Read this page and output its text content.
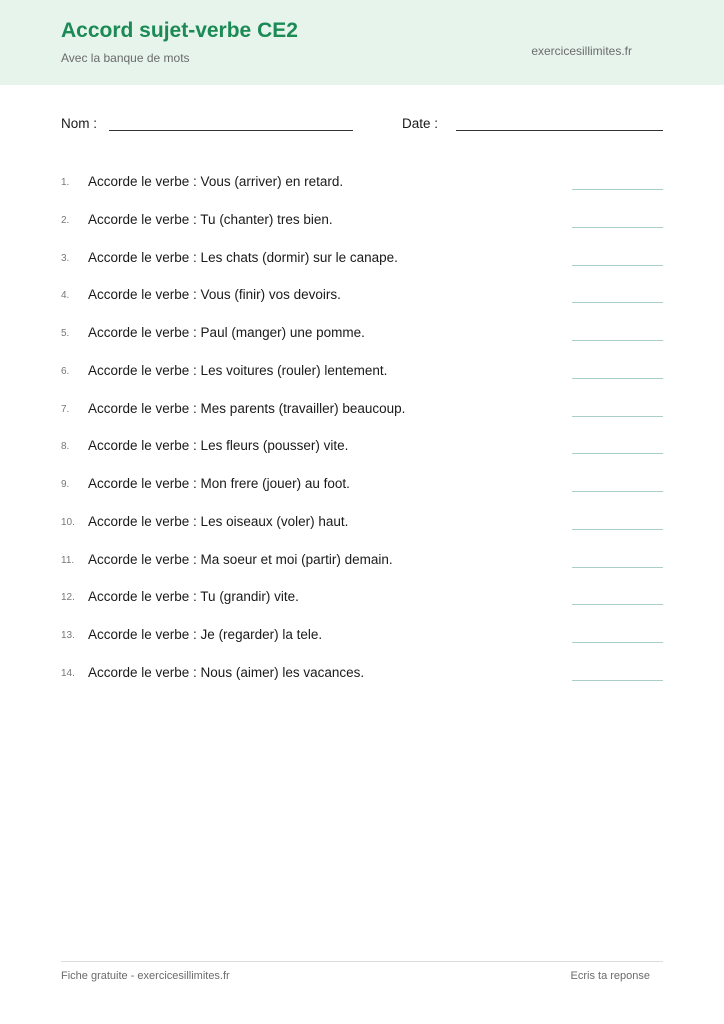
Accord sujet-verbe CE2
Avec la banque de mots	exercicesillimites.fr
Nom :	Date :
1.	Accorde le verbe : Vous (arriver) en retard.
2.	Accorde le verbe : Tu (chanter) tres bien.
3.	Accorde le verbe : Les chats (dormir) sur le canape.
4.	Accorde le verbe : Vous (finir) vos devoirs.
5.	Accorde le verbe : Paul (manger) une pomme.
6.	Accorde le verbe : Les voitures (rouler) lentement.
7.	Accorde le verbe : Mes parents (travailler) beaucoup.
8.	Accorde le verbe : Les fleurs (pousser) vite.
9.	Accorde le verbe : Mon frere (jouer) au foot.
10. Accorde le verbe : Les oiseaux (voler) haut.
11.	Accorde le verbe : Ma soeur et moi (partir) demain.
12. Accorde le verbe : Tu (grandir) vite.
13. Accorde le verbe : Je (regarder) la tele.
14. Accorde le verbe : Nous (aimer) les vacances.
Fiche gratuite - exercicesillimites.fr	Ecris ta reponse
